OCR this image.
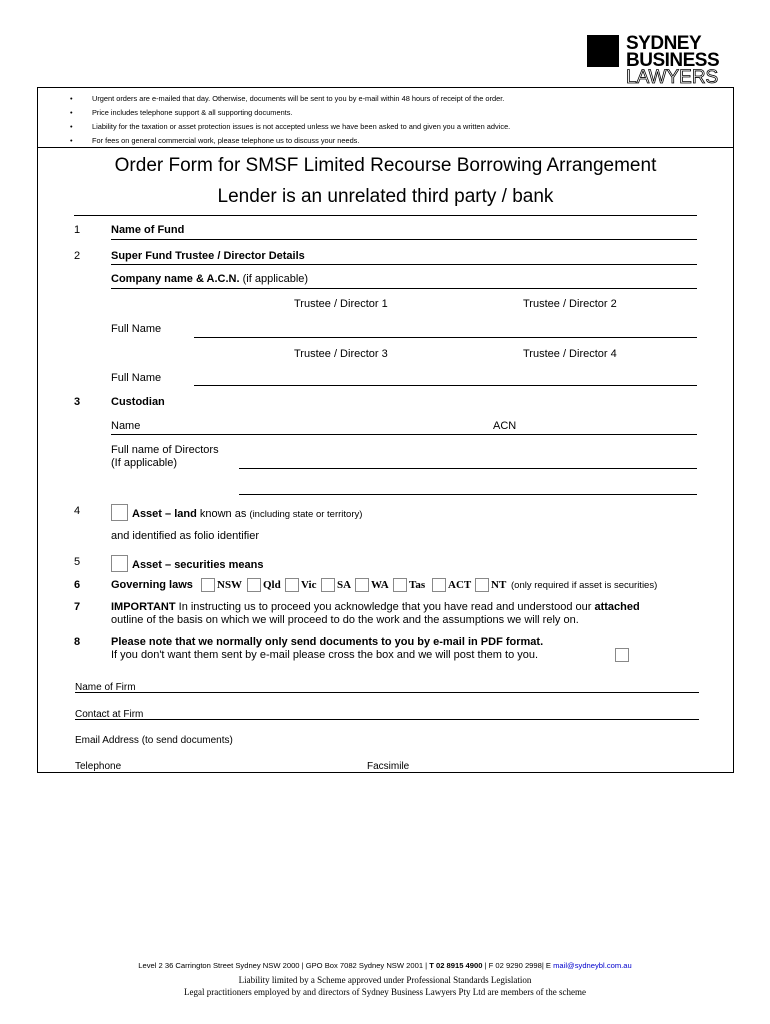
SYDNEY
BUSINESS
LAWYERS
•	Urgent orders are e-mailed that day. Otherwise, documents will be sent to you by e-mail within 48 hours of receipt of the order.
•	Price includes telephone support & all supporting documents.
•	Liability for the taxation or asset protection issues is not accepted unless we have been asked to and given you a written advice.
•	For fees on general commercial work, please telephone us to discuss your needs.
Order Form for SMSF Limited Recourse Borrowing Arrangement
Lender is an unrelated third party / bank
1	Name of Fund
2	Super Fund Trustee / Director Details
Company name & A.C.N. (if applicable)
Trustee / Director 1	Trustee / Director 2
Full Name
Trustee / Director 3	Trustee / Director 4
Full Name
3	Custodian
Name	ACN
Full name of Directors
(If applicable)
4	Asset – land known as (including state or territory)
and identified as folio identifier
5	Asset – securities means
6	Governing laws NSW Qld Vic SA WA Tas ACT NT (only required if asset is securities)
7	IMPORTANT In instructing us to proceed you acknowledge that you have read and understood our attached
outline of the basis on which we will proceed to do the work and the assumptions we will rely on.
8	Please note that we normally only send documents to you by e-mail in PDF format.
If you don't want them sent by e-mail please cross the box and we will post them to you.
Name of Firm
Contact at Firm
Email Address (to send documents)
Telephone	Facsimile
Level 2 36 Carrington Street Sydney NSW 2000 | GPO Box 7082 Sydney NSW 2001 | T 02 8915 4900 | F 02 9290 2998| E mail@sydneybl.com.au
Liability limited by a Scheme approved under Professional Standards Legislation
Legal practitioners employed by and directors of Sydney Business Lawyers Pty Ltd are members of the scheme
